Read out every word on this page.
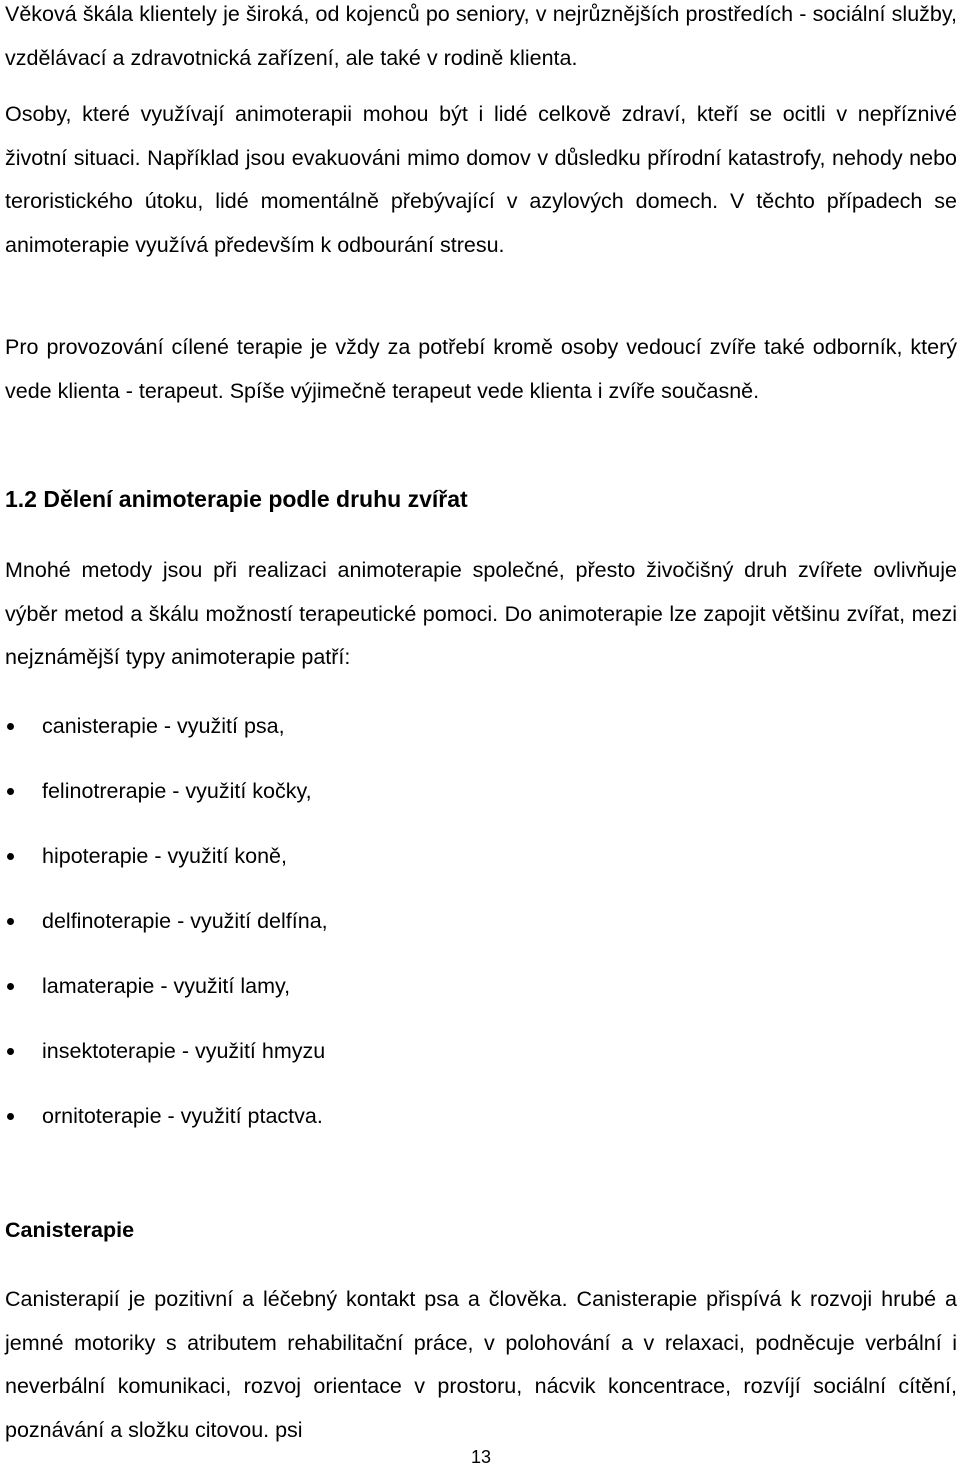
Věková škála klientely je široká, od kojenců po seniory, v nejrůznějších prostředích - sociální služby, vzdělávací a zdravotnická zařízení, ale také v rodině klienta.

Osoby, které využívají animoterapii mohou být i lidé celkově zdraví, kteří se ocitli v nepříznivé životní situaci. Například jsou evakuováni mimo domov v důsledku přírodní katastrofy, nehody nebo teroristického útoku, lidé momentálně přebývající v azylových domech. V těchto případech se animoterapie využívá především k odbourání stresu.

Pro provozování cílené terapie je vždy za potřebí kromě osoby vedoucí zvíře také odborník, který vede klienta - terapeut. Spíše výjimečně terapeut vede klienta i zvíře současně.

1.2 Dělení animoterapie podle druhu zvířat

Mnohé metody jsou při realizaci animoterapie společné, přesto živočišný druh zvířete ovlivňuje výběr metod a škálu možností terapeutické pomoci. Do animoterapie lze zapojit většinu zvířat, mezi nejznámější typy animoterapie patří:

canisterapie - využití psa,
felinotrerapie - využití kočky,
hipoterapie - využití koně,
delfinoterapie - využití delfína,
lamaterapie - využití lamy,
insektoterapie - využití hmyzu
ornitoterapie - využití ptactva.
Canisterapie

Canisterapií je pozitivní a léčebný kontakt psa a člověka. Canisterapie přispívá k rozvoji hrubé a jemné motoriky s atributem rehabilitační práce, v polohování a v relaxaci, podněcuje verbální i neverbální komunikaci, rozvoj orientace v prostoru, nácvik koncentrace, rozvíjí sociální cítění, poznávání a složku citovou. psi

13
